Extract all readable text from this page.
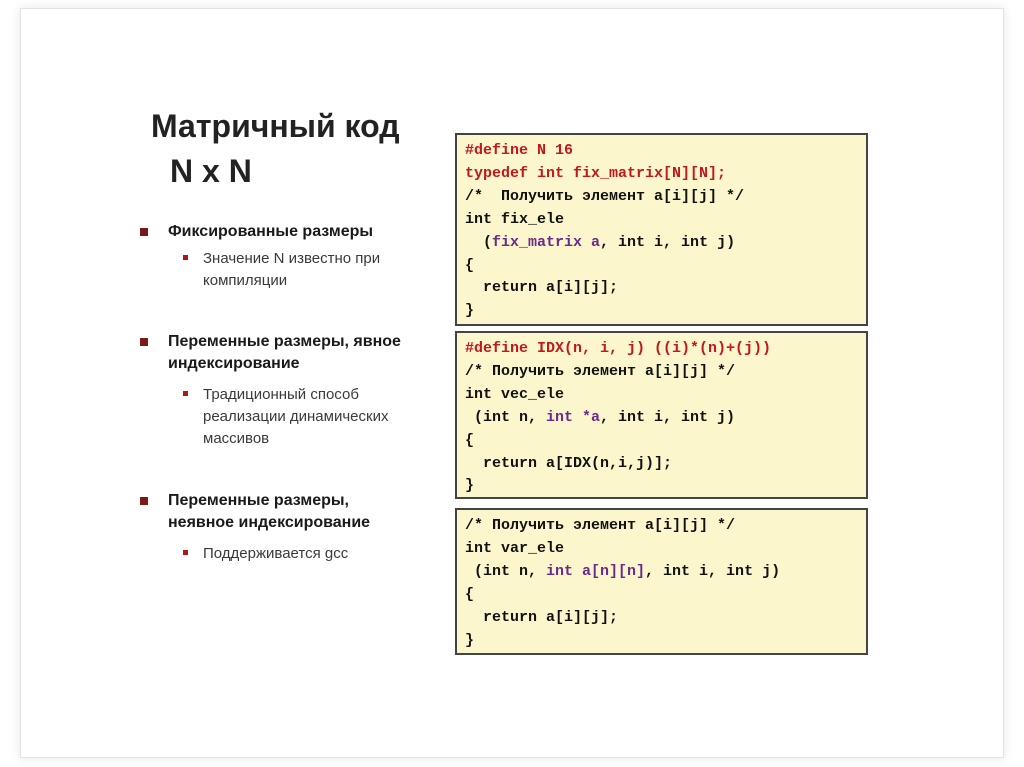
Матричный код
N x N
Фиксированные размеры
Значение N известно при
компиляции
Переменные размеры, явное
индексирование
Традиционный способ
реализации динамических
массивов
Переменные размеры,
неявное индексирование
Поддерживается gcc
#define N 16
typedef int fix_matrix[N][N];
/*  Получить элемент a[i][j] */
int fix_ele
(fix_matrix a, int i, int j)
{
return a[i][j];
}
#define IDX(n, i, j) ((i)*(n)+(j))
/* Получить элемент a[i][j] */
int vec_ele
(int n, int *a, int i, int j)
{
return a[IDX(n,i,j)];
}
/* Получить элемент a[i][j] */
int var_ele
(int n, int a[n][n], int i, int j)
{
return a[i][j];
}
